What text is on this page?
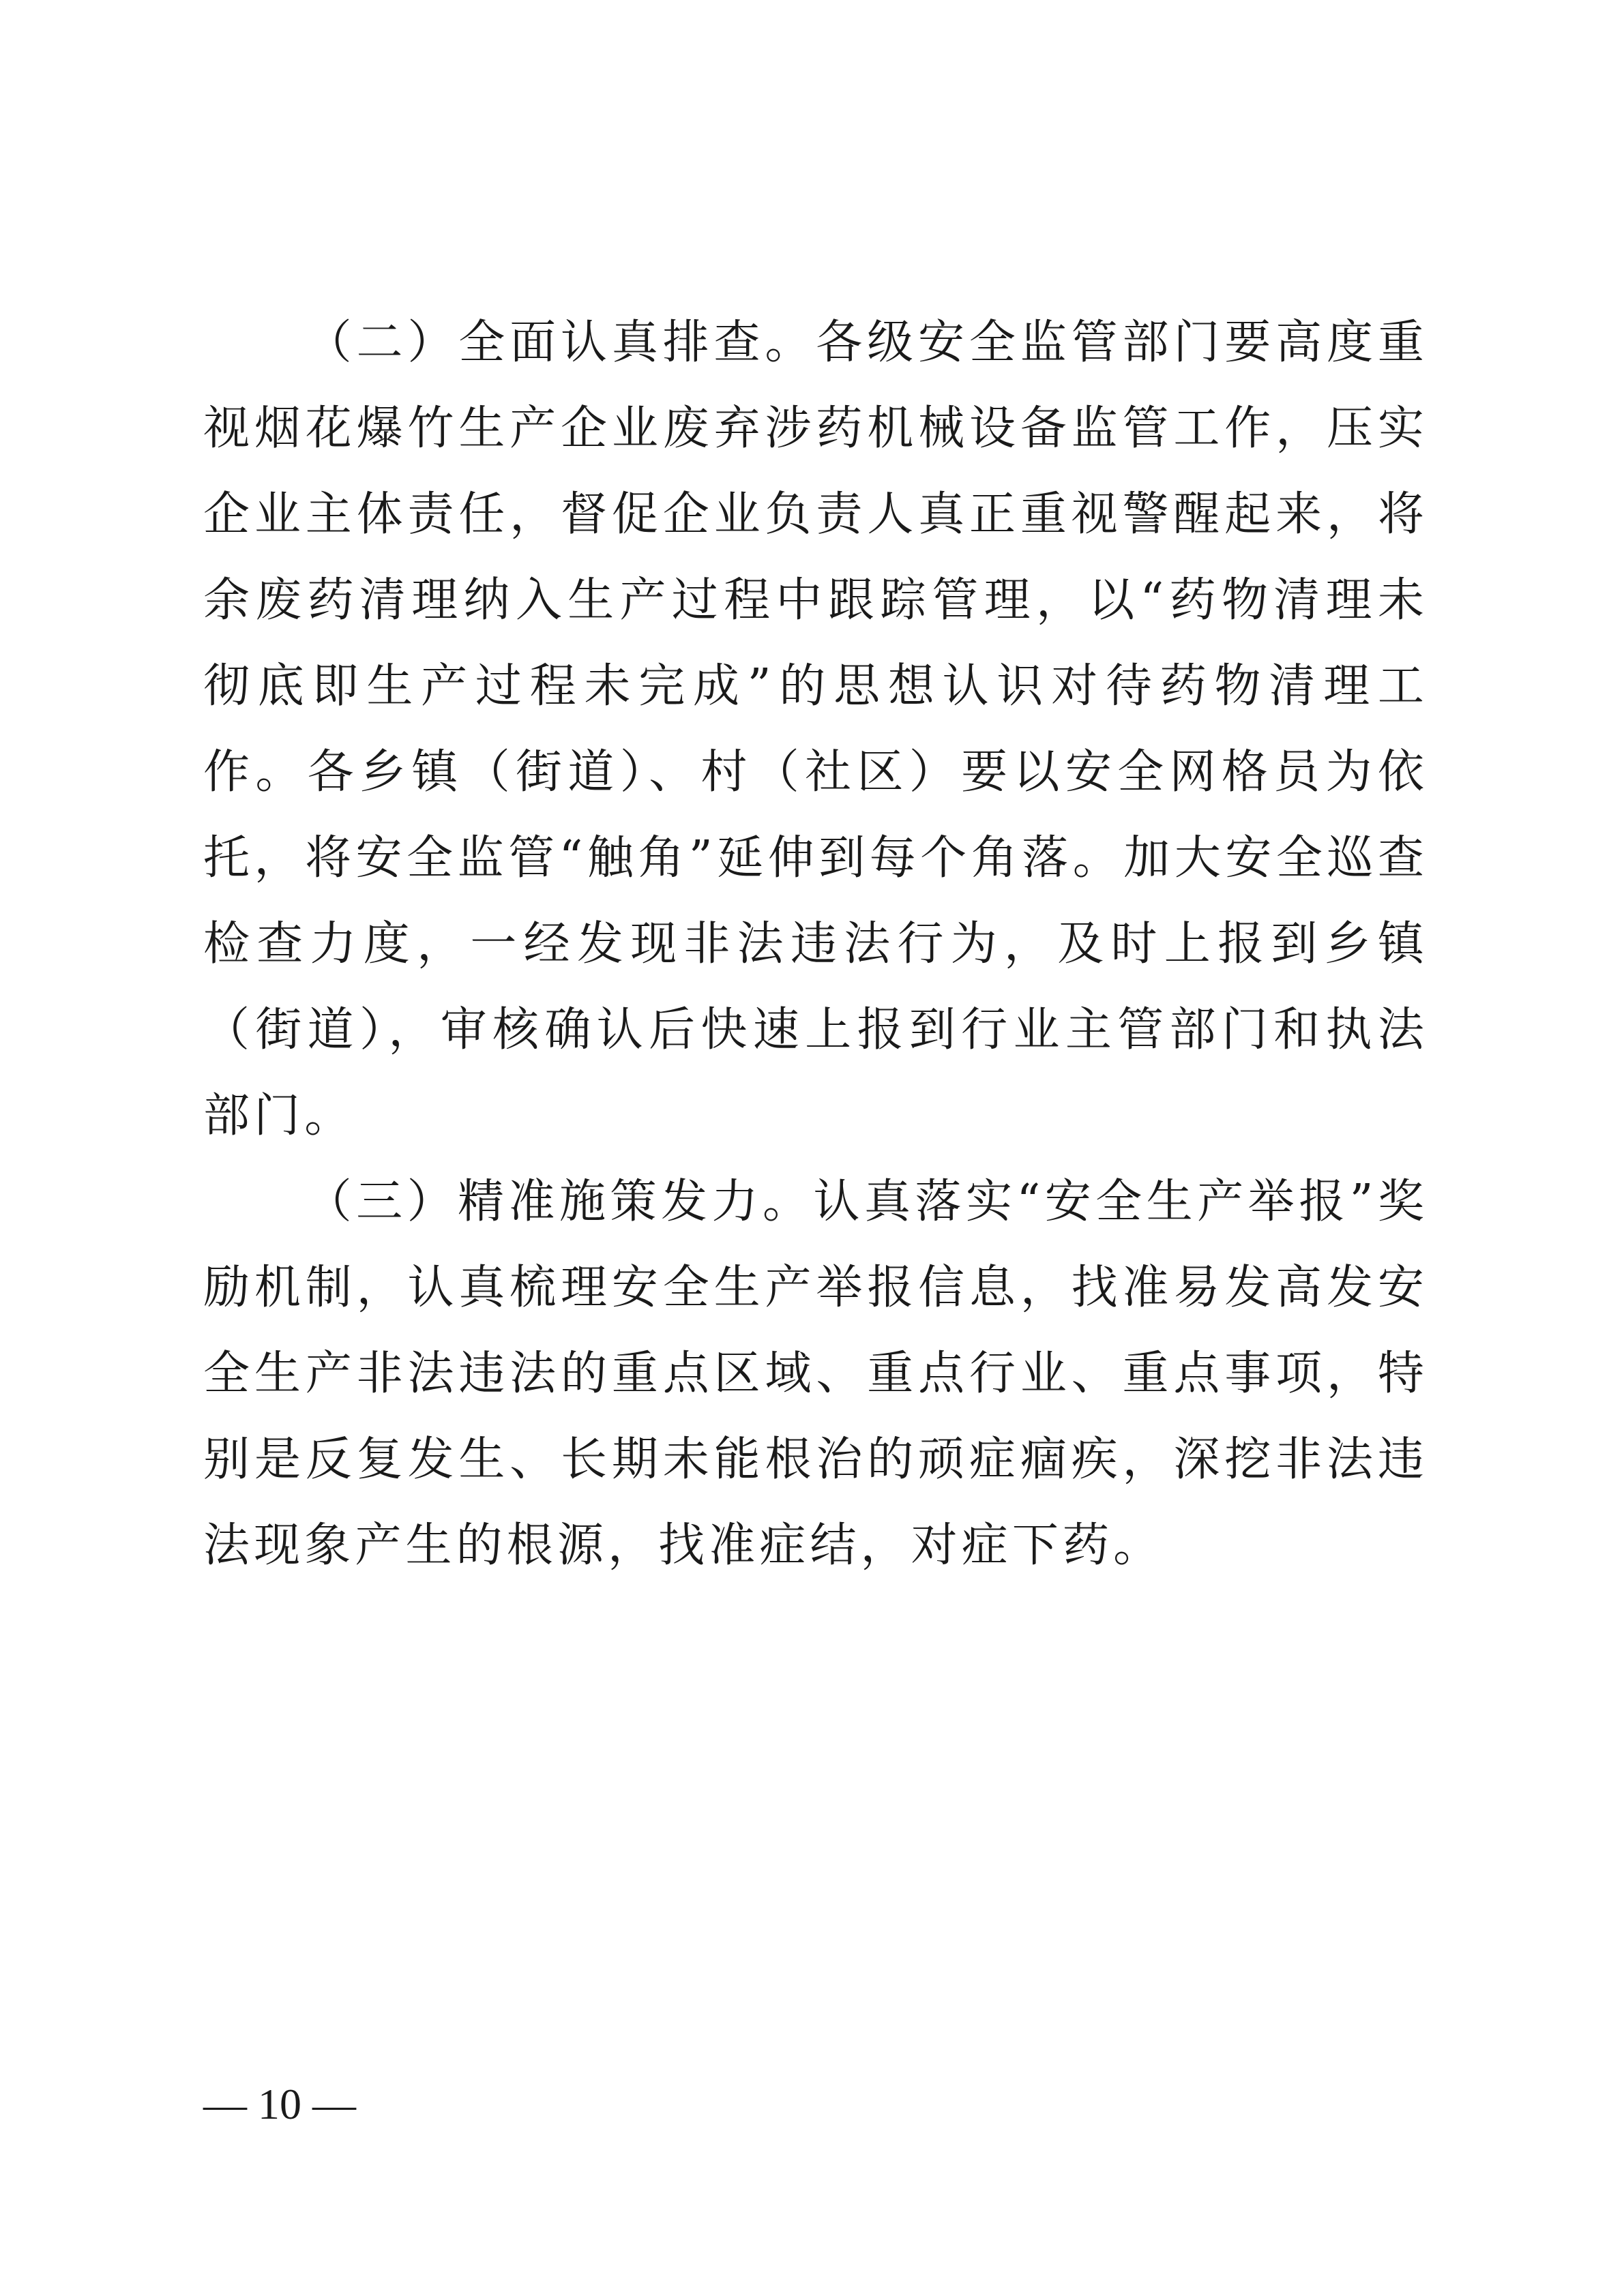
（二）全面认真排查。各级安全监管部门要高度重视烟花爆竹生产企业废弃涉药机械设备监管工作，压实企业主体责任，督促企业负责人真正重视警醒起来，将余废药清理纳入生产过程中跟踪管理，以“药物清理未彻底即生产过程未完成”的思想认识对待药物清理工作。各乡镇（街道）、村（社区）要以安全网格员为依托，将安全监管“触角”延伸到每个角落。加大安全巡查检查力度，一经发现非法违法行为，及时上报到乡镇（街道），审核确认后快速上报到行业主管部门和执法部门。

（三）精准施策发力。认真落实“安全生产举报”奖励机制，认真梳理安全生产举报信息，找准易发高发安全生产非法违法的重点区域、重点行业、重点事项，特别是反复发生、长期未能根治的顽症痼疾，深挖非法违法现象产生的根源，找准症结，对症下药。

— 10 —
